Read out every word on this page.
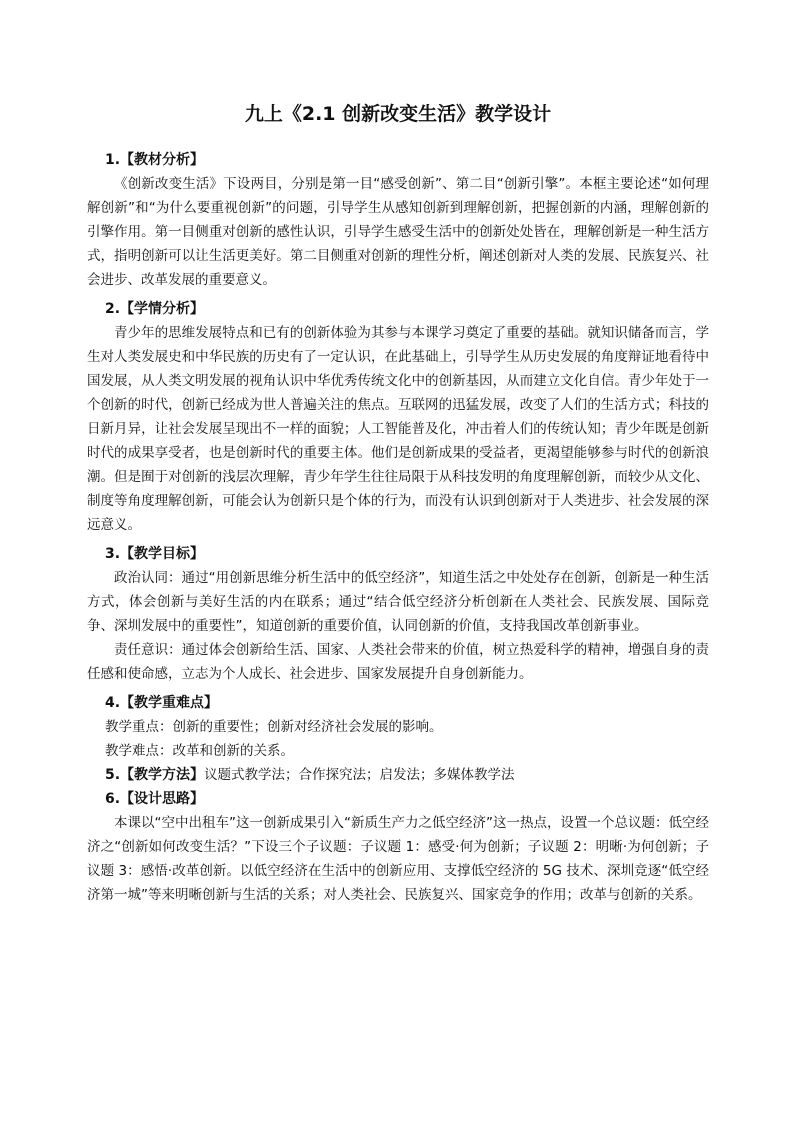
九上《2.1 创新改变生活》教学设计

1.【教材分析】

《创新改变生活》下设两目，分别是第一目“感受创新”、第二目“创新引擎”。本框主要论述“如何理解创新”和“为什么要重视创新”的问题，引导学生从感知创新到理解创新，把握创新的内涵，理解创新的引擎作用。第一目侧重对创新的感性认识，引导学生感受生活中的创新处处皆在，理解创新是一种生活方式，指明创新可以让生活更美好。第二目侧重对创新的理性分析，阐述创新对人类的发展、民族复兴、社会进步、改革发展的重要意义。

2.【学情分析】

青少年的思维发展特点和已有的创新体验为其参与本课学习奠定了重要的基础。就知识储备而言，学生对人类发展史和中华民族的历史有了一定认识，在此基础上，引导学生从历史发展的角度辩证地看待中国发展，从人类文明发展的视角认识中华优秀传统文化中的创新基因，从而建立文化自信。青少年处于一个创新的时代，创新已经成为世人普遍关注的焦点。互联网的迅猛发展，改变了人们的生活方式；科技的日新月异，让社会发展呈现出不一样的面貌；人工智能普及化，冲击着人们的传统认知；青少年既是创新时代的成果享受者，也是创新时代的重要主体。他们是创新成果的受益者，更渴望能够参与时代的创新浪潮。但是囿于对创新的浅层次理解，青少年学生往往局限于从科技发明的角度理解创新，而较少从文化、制度等角度理解创新，可能会认为创新只是个体的行为，而没有认识到创新对于人类进步、社会发展的深远意义。

3.【教学目标】

政治认同：通过“用创新思维分析生活中的低空经济”，知道生活之中处处存在创新，创新是一种生活方式，体会创新与美好生活的内在联系；通过“结合低空经济分析创新在人类社会、民族发展、国际竞争、深圳发展中的重要性”，知道创新的重要价值，认同创新的价值，支持我国改革创新事业。

责任意识：通过体会创新给生活、国家、人类社会带来的价值，树立热爱科学的精神，增强自身的责任感和使命感，立志为个人成长、社会进步、国家发展提升自身创新能力。

4.【教学重难点】

教学重点：创新的重要性；创新对经济社会发展的影响。

教学难点：改革和创新的关系。

5.【教学方法】议题式教学法；合作探究法；启发法；多媒体教学法

6.【设计思路】

本课以“空中出租车”这一创新成果引入“新质生产力之低空经济”这一热点，设置一个总议题：低空经济之“创新如何改变生活？”下设三个子议题：子议题 1：感受·何为创新；子议题 2：明晰·为何创新；子议题 3：感悟·改革创新。以低空经济在生活中的创新应用、支撑低空经济的 5G 技术、深圳竞逐“低空经济第一城”等来明晰创新与生活的关系；对人类社会、民族复兴、国家竞争的作用；改革与创新的关系。
